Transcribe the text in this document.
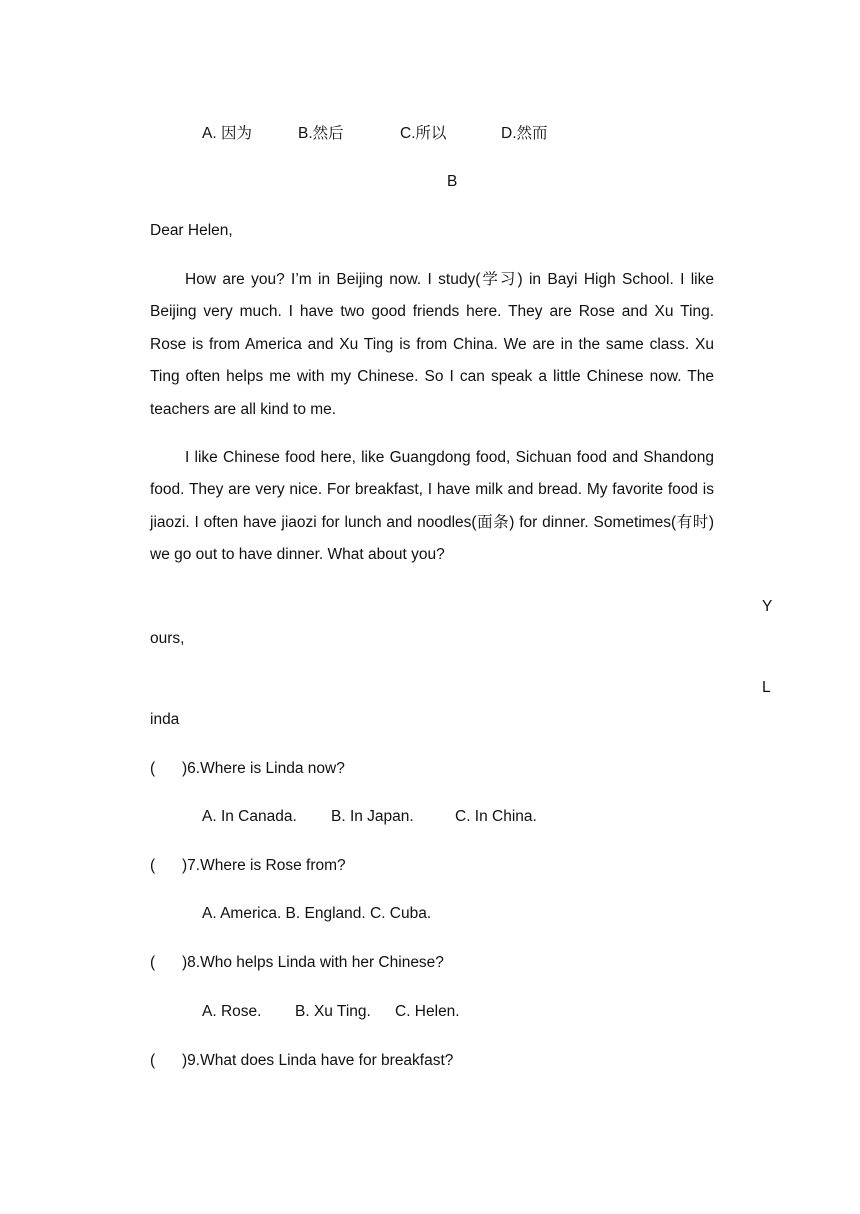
A. 因为	B.然后	C.所以	D.然而
B
Dear Helen,

How are you? I’m in Beijing now. I study(学习) in Bayi High School. I like Beijing very much. I have two good friends here. They are Rose and Xu Ting. Rose is from America and Xu Ting is from China. We are in the same class. Xu Ting often helps me with my Chinese. So I can speak a little Chinese now. The teachers are all kind to me.

I like Chinese food here, like Guangdong food, Sichuan food and Shandong food. They are very nice. For breakfast, I have milk and bread. My favorite food is jiaozi. I often have jiaozi for lunch and noodles(面条) for dinner. Sometimes(有时) we go out to have dinner. What about you?

Y
ours,
L
inda
( )6.Where is Linda now?
A. In Canada. B. In Japan.	C. In China.
( )7.Where is Rose from?
A. America. B. England. C. Cuba.
( )8.Who helps Linda with her Chinese?
A. Rose. B. Xu Ting. C. Helen.
( )9.What does Linda have for breakfast?
